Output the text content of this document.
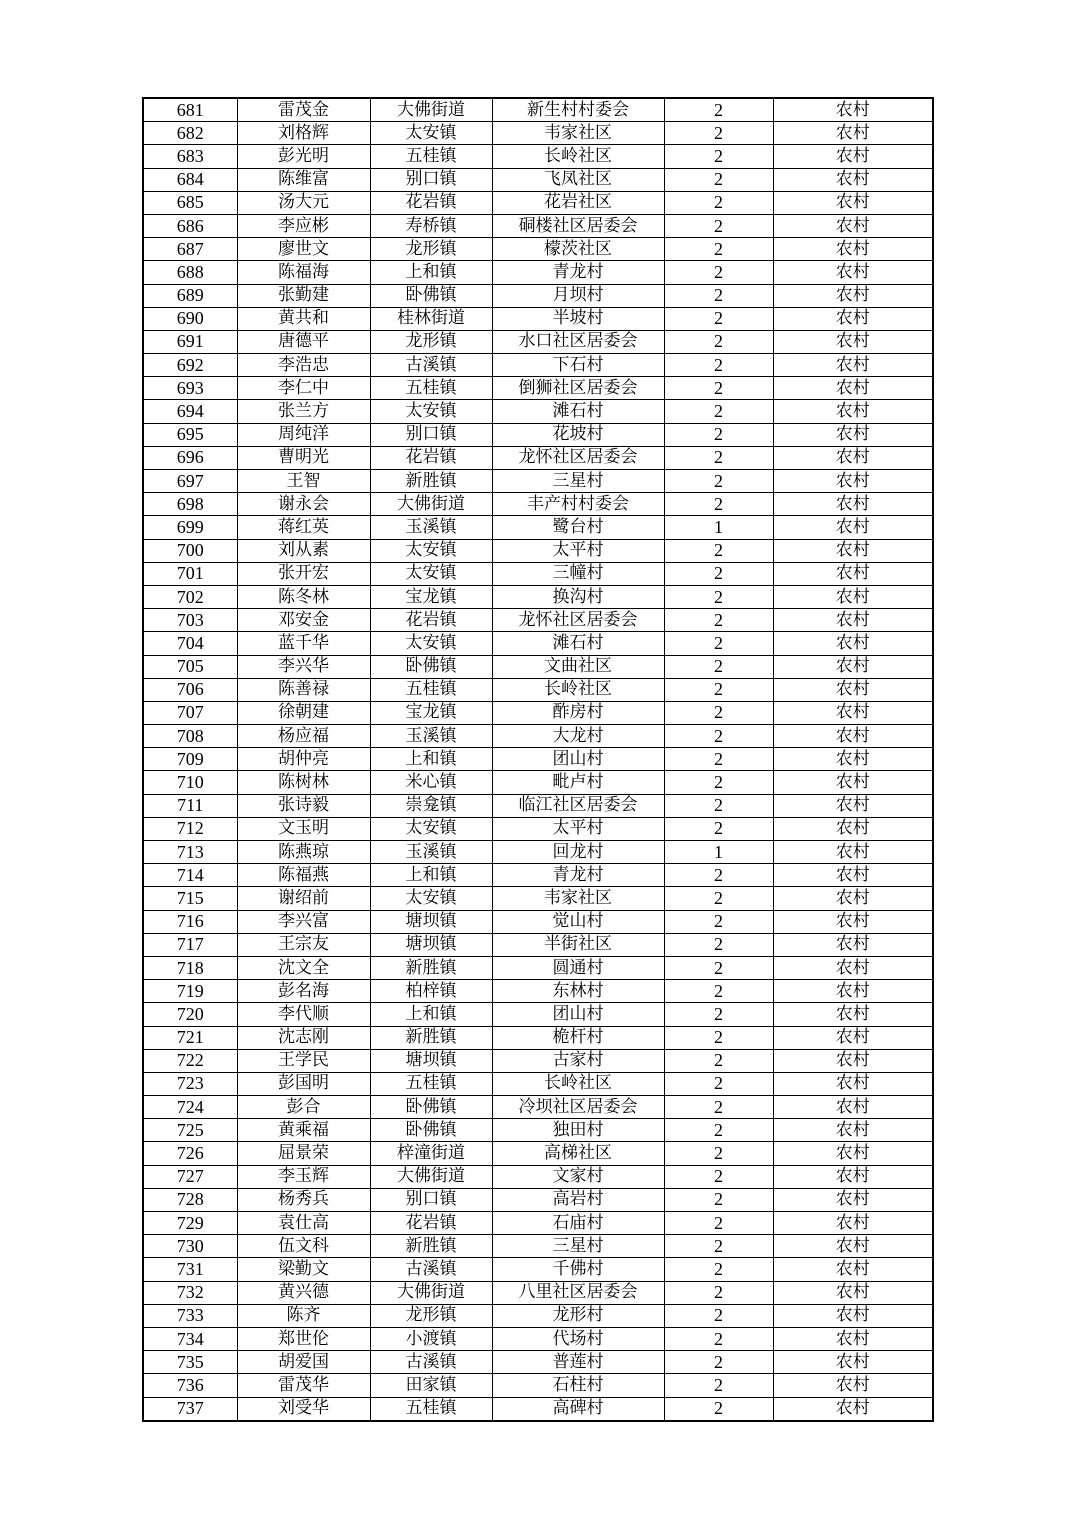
681	雷茂金	大佛街道	新生村村委会	2	农村
682	刘格辉	太安镇	韦家社区	2	农村
683	彭光明	五桂镇	长岭社区	2	农村
684	陈维富	别口镇	飞凤社区	2	农村
685	汤大元	花岩镇	花岩社区	2	农村
686	李应彬	寿桥镇	硐楼社区居委会	2	农村
687	廖世文	龙形镇	檬茨社区	2	农村
688	陈福海	上和镇	青龙村	2	农村
689	张勤建	卧佛镇	月坝村	2	农村
690	黄共和	桂林街道	半坡村	2	农村
691	唐德平	龙形镇	水口社区居委会	2	农村
692	李浩忠	古溪镇	下石村	2	农村
693	李仁中	五桂镇	倒狮社区居委会	2	农村
694	张兰方	太安镇	滩石村	2	农村
695	周纯洋	别口镇	花坡村	2	农村
696	曹明光	花岩镇	龙怀社区居委会	2	农村
697	王智	新胜镇	三星村	2	农村
698	谢永会	大佛街道	丰产村村委会	2	农村
699	蒋红英	玉溪镇	鹭台村	1	农村
700	刘从素	太安镇	太平村	2	农村
701	张开宏	太安镇	三幢村	2	农村
702	陈冬林	宝龙镇	换沟村	2	农村
703	邓安金	花岩镇	龙怀社区居委会	2	农村
704	蓝千华	太安镇	滩石村	2	农村
705	李兴华	卧佛镇	文曲社区	2	农村
706	陈善禄	五桂镇	长岭社区	2	农村
707	徐朝建	宝龙镇	酢房村	2	农村
708	杨应福	玉溪镇	大龙村	2	农村
709	胡仲亮	上和镇	团山村	2	农村
710	陈树林	米心镇	毗卢村	2	农村
711	张诗毅	崇龛镇	临江社区居委会	2	农村
712	文玉明	太安镇	太平村	2	农村
713	陈燕琼	玉溪镇	回龙村	1	农村
714	陈福燕	上和镇	青龙村	2	农村
715	谢绍前	太安镇	韦家社区	2	农村
716	李兴富	塘坝镇	觉山村	2	农村
717	王宗友	塘坝镇	半街社区	2	农村
718	沈文全	新胜镇	圆通村	2	农村
719	彭名海	柏梓镇	东林村	2	农村
720	李代顺	上和镇	团山村	2	农村
721	沈志刚	新胜镇	桅杆村	2	农村
722	王学民	塘坝镇	古家村	2	农村
723	彭国明	五桂镇	长岭社区	2	农村
724	彭合	卧佛镇	冷坝社区居委会	2	农村
725	黄乘福	卧佛镇	独田村	2	农村
726	屈景荣	梓潼街道	高梯社区	2	农村
727	李玉辉	大佛街道	文家村	2	农村
728	杨秀兵	别口镇	高岩村	2	农村
729	袁仕高	花岩镇	石庙村	2	农村
730	伍文科	新胜镇	三星村	2	农村
731	梁勤文	古溪镇	千佛村	2	农村
732	黄兴德	大佛街道	八里社区居委会	2	农村
733	陈齐	龙形镇	龙形村	2	农村
734	郑世伦	小渡镇	代场村	2	农村
735	胡爱国	古溪镇	普莲村	2	农村
736	雷茂华	田家镇	石柱村	2	农村
737	刘受华	五桂镇	高碑村	2	农村
